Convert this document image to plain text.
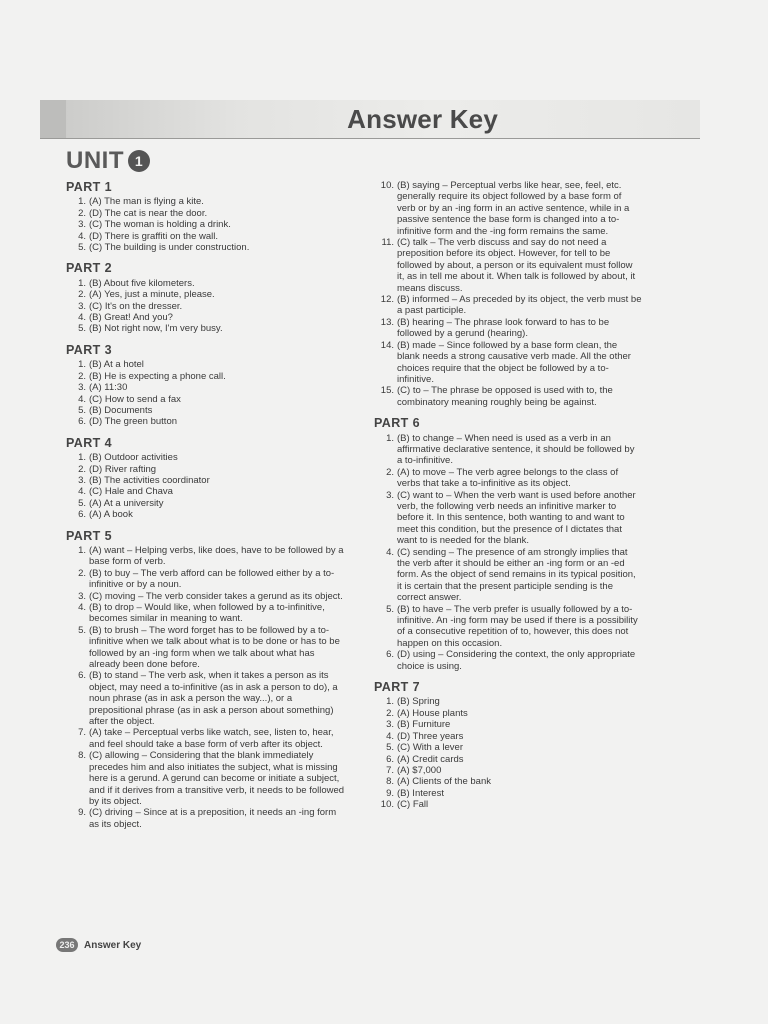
Answer Key
UNIT 1
PART 1
1. (A) The man is flying a kite.
2. (D) The cat is near the door.
3. (C) The woman is holding a drink.
4. (D) There is graffiti on the wall.
5. (C) The building is under construction.
PART 2
1. (B) About five kilometers.
2. (A) Yes, just a minute, please.
3. (C) It's on the dresser.
4. (B) Great! And you?
5. (B) Not right now, I'm very busy.
PART 3
1. (B) At a hotel
2. (B) He is expecting a phone call.
3. (A) 11:30
4. (C) How to send a fax
5. (B) Documents
6. (D) The green button
PART 4
1. (B) Outdoor activities
2. (D) River rafting
3. (B) The activities coordinator
4. (C) Hale and Chava
5. (A) At a university
6. (A) A book
PART 5
1. (A) want – Helping verbs, like does, have to be followed by a base form of verb.
2. (B) to buy – The verb afford can be followed either by a to-infinitive or by a noun.
3. (C) moving – The verb consider takes a gerund as its object.
4. (B) to drop – Would like, when followed by a to-infinitive, becomes similar in meaning to want.
5. (B) to brush – The word forget has to be followed by a to-infinitive when we talk about what is to be done or has to be followed by an -ing form when we talk about what has already been done before.
6. (B) to stand – The verb ask, when it takes a person as its object, may need a to-infinitive (as in ask a person to do), a noun phrase (as in ask a person the way...), or a prepositional phrase (as in ask a person about something) after the object.
7. (A) take – Perceptual verbs like watch, see, listen to, hear, and feel should take a base form of verb after its object.
8. (C) allowing – Considering that the blank immediately precedes him and also initiates the subject, what is missing here is a gerund. A gerund can become or initiate a subject, and if it derives from a transitive verb, it needs to be followed by its object.
9. (C) driving – Since at is a preposition, it needs an -ing form as its object.
10. (B) saying – Perceptual verbs like hear, see, feel, etc. generally require its object followed by a base form of verb or by an -ing form in an active sentence, while in a passive sentence the base form is changed into a to-infinitive form and the -ing form remains the same.
11. (C) talk – The verb discuss and say do not need a preposition before its object. However, for tell to be followed by about, a person or its equivalent must follow it, as in tell me about it. When talk is followed by about, it means discuss.
12. (B) informed – As preceded by its object, the verb must be a past participle.
13. (B) hearing – The phrase look forward to has to be followed by a gerund (hearing).
14. (B) made – Since followed by a base form clean, the blank needs a strong causative verb made. All the other choices require that the object be followed by a to-infinitive.
15. (C) to – The phrase be opposed is used with to, the combinatory meaning roughly being be against.
PART 6
1. (B) to change – When need is used as a verb in an affirmative declarative sentence, it should be followed by a to-infinitive.
2. (A) to move – The verb agree belongs to the class of verbs that take a to-infinitive as its object.
3. (C) want to – When the verb want is used before another verb, the following verb needs an infinitive marker to before it. In this sentence, both wanting to and want to meet this condition, but the presence of I dictates that want to is needed for the blank.
4. (C) sending – The presence of am strongly implies that the verb after it should be either an -ing form or an -ed form. As the object of send remains in its typical position, it is certain that the present participle sending is the correct answer.
5. (B) to have – The verb prefer is usually followed by a to-infinitive. An -ing form may be used if there is a possibility of a consecutive repetition of to, however, this does not happen on this occasion.
6. (D) using – Considering the context, the only appropriate choice is using.
PART 7
1. (B) Spring
2. (A) House plants
3. (B) Furniture
4. (D) Three years
5. (C) With a lever
6. (A) Credit cards
7. (A) $7,000
8. (A) Clients of the bank
9. (B) Interest
10. (C) Fall
236 Answer Key
